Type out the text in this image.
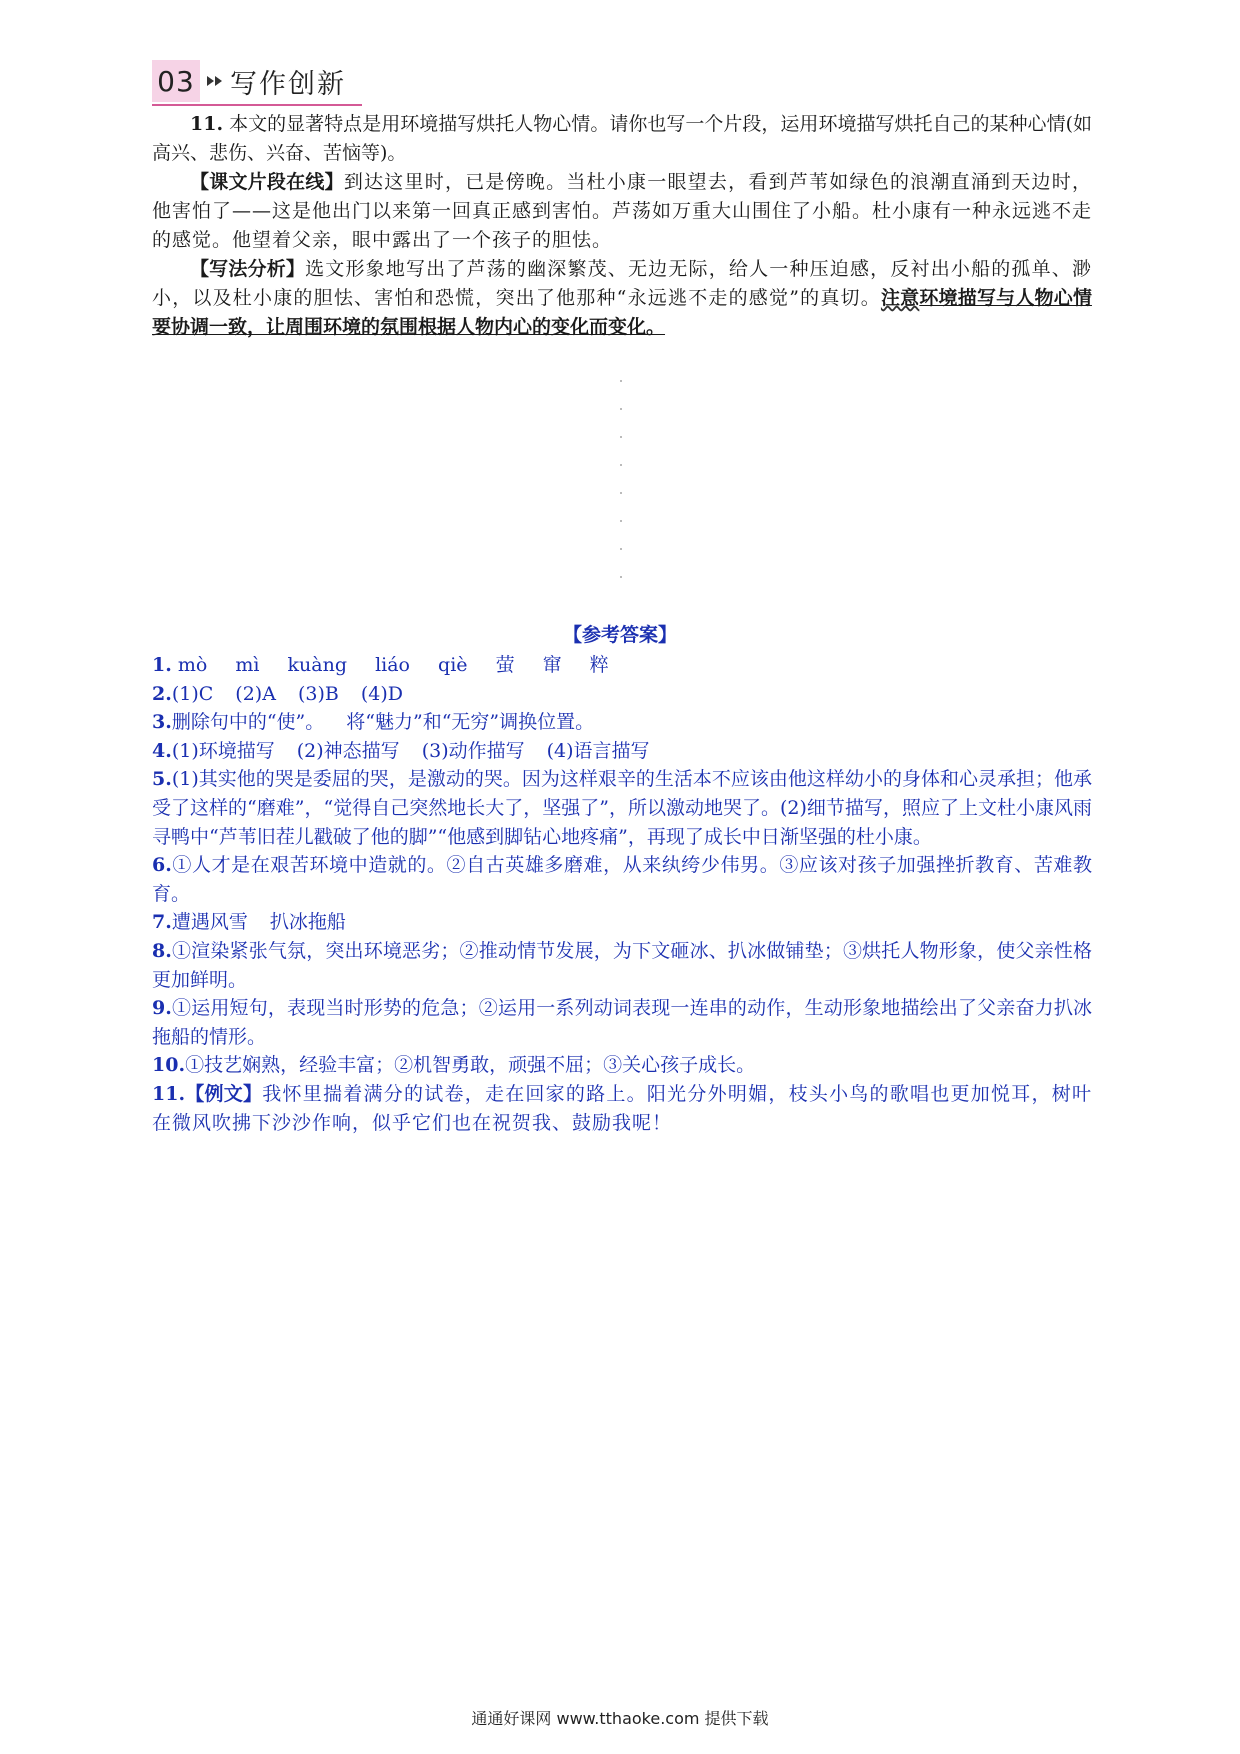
03 写作创新

11. 本文的显著特点是用环境描写烘托人物心情。请你也写一个片段，运用环境描写烘托自己的某种心情(如高兴、悲伤、兴奋、苦恼等)。

【课文片段在线】到达这里时，已是傍晚。当杜小康一眼望去，看到芦苇如绿色的浪潮直涌到天边时，他害怕了——这是他出门以来第一回真正感到害怕。芦荡如万重大山围住了小船。杜小康有一种永远逃不走的感觉。他望着父亲，眼中露出了一个孩子的胆怯。

【写法分析】选文形象地写出了芦荡的幽深繁茂、无边无际，给人一种压迫感，反衬出小船的孤单、渺小，以及杜小康的胆怯、害怕和恐慌，突出了他那种“永远逃不走的感觉”的真切。注意环境描写与人物心情要协调一致，让周围环境的氛围根据人物内心的变化而变化。

【参考答案】

1. mò mì kuàng liáo qiè 萤 窜 粹

2.(1)C (2)A (3)B (4)D

3.删除句中的“使”。 将“魅力”和“无穷”调换位置。

4.(1)环境描写 (2)神态描写 (3)动作描写 (4)语言描写

5.(1)其实他的哭是委屈的哭，是激动的哭。因为这样艰辛的生活本不应该由他这样幼小的身体和心灵承担；他承受了这样的“磨难”，“觉得自己突然地长大了，坚强了”，所以激动地哭了。(2)细节描写，照应了上文杜小康风雨寻鸭中“芦苇旧茬儿戳破了他的脚”“他感到脚钻心地疼痛”，再现了成长中日渐坚强的杜小康。

6.①人才是在艰苦环境中造就的。②自古英雄多磨难，从来纨绔少伟男。③应该对孩子加强挫折教育、苦难教育。

7.遭遇风雪 扒冰拖船

8.①渲染紧张气氛，突出环境恶劣；②推动情节发展，为下文砸冰、扒冰做铺垫；③烘托人物形象，使父亲性格更加鲜明。

9.①运用短句，表现当时形势的危急；②运用一系列动词表现一连串的动作，生动形象地描绘出了父亲奋力扒冰拖船的情形。

10.①技艺娴熟，经验丰富；②机智勇敢，顽强不屈；③关心孩子成长。

11.【例文】我怀里揣着满分的试卷，走在回家的路上。阳光分外明媚，枝头小鸟的歌唱也更加悦耳，树叶在微风吹拂下沙沙作响，似乎它们也在祝贺我、鼓励我呢！

通通好课网 www.tthaoke.com 提供下载
